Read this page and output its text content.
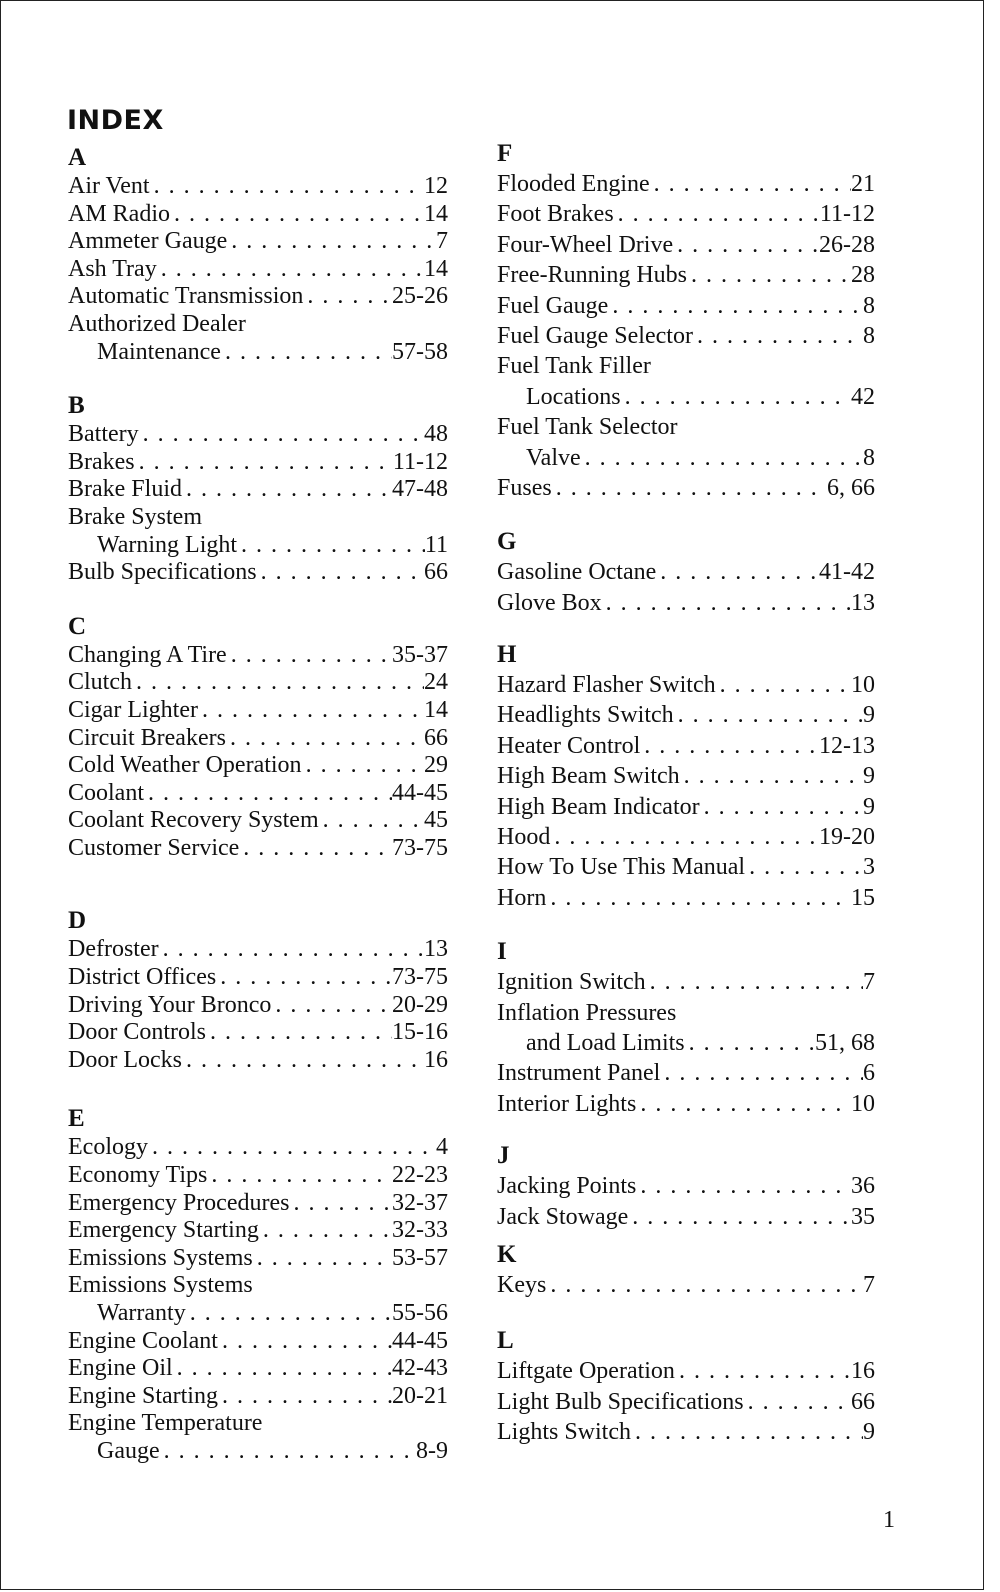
INDEX
A
Air Vent . . .	12
AM Radio . . .	14
Ammeter Gauge . . .	7
Ash Tray . . .	14
Automatic Transmission . . .	25-26
Authorized Dealer
Maintenance . . .	57-58
B
Battery . . .	48
Brakes . . .	11-12
Brake Fluid . . .	47-48
Brake System
Warning Light . . .	11
Bulb Specifications . . .	66
C
Changing A Tire . . .	35-37
Clutch . . .	24
Cigar Lighter . . .	14
Circuit Breakers . . .	66
Cold Weather Operation . . .	29
Coolant . . .	44-45
Coolant Recovery System . . .	45
Customer Service . . .	73-75
D
Defroster . . .	13
District Offices . . .	73-75
Driving Your Bronco . . .	20-29
Door Controls . . .	15-16
Door Locks . . .	16
E
Ecology . . .	4
Economy Tips . . .	22-23
Emergency Procedures . . .	32-37
Emergency Starting . . .	32-33
Emissions Systems . . .	53-57
Emissions Systems
Warranty . . .	55-56
Engine Coolant . . .	44-45
Engine Oil . . .	42-43
Engine Starting . . .	20-21
Engine Temperature
Gauge . . .	8-9
F
Flooded Engine . . .	21
Foot Brakes . . .	11-12
Four-Wheel Drive . . .	26-28
Free-Running Hubs . . .	28
Fuel Gauge . . .	8
Fuel Gauge Selector . . .	8
Fuel Tank Filler
Locations . . .	42
Fuel Tank Selector
Valve . . .	8
Fuses . . .	6, 66
G
Gasoline Octane . . .	41-42
Glove Box . . .	13
H
Hazard Flasher Switch . . .	10
Headlights Switch . . .	9
Heater Control . . .	12-13
High Beam Switch . . .	9
High Beam Indicator . . .	9
Hood . . .	19-20
How To Use This Manual . . .	3
Horn . . .	15
I
Ignition Switch . . .	7
Inflation Pressures
and Load Limits . . .	51, 68
Instrument Panel . . .	6
Interior Lights . . .	10
J
Jacking Points . . .	36
Jack Stowage . . .	35
K
Keys . . .	7
L
Liftgate Operation . . .	16
Light Bulb Specifications . . .	66
Lights Switch . . .	9
1
